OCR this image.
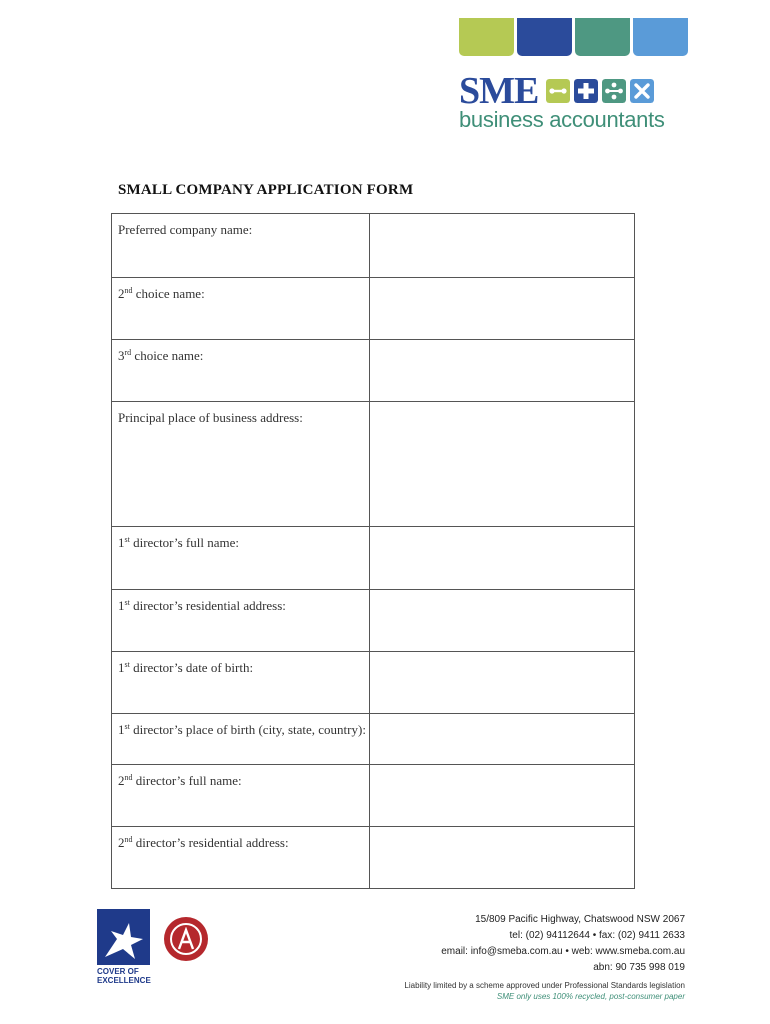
SME
business accountants
SMALL COMPANY APPLICATION FORM
Preferred company name:	
2nd choice name:	
3rd choice name:	
Principal place of business address:	
1st director’s full name:	
1st director’s residential address:	
1st director’s date of birth:	
1st director’s place of birth (city, state, country):	
2nd director’s full name:	
2nd director’s residential address:	
COVER OF
EXCELLENCE
15/809 Pacific Highway, Chatswood NSW 2067
tel: (02) 94112644 • fax: (02) 9411 2633
email: info@smeba.com.au • web: www.smeba.com.au
abn: 90 735 998 019
Liability limited by a scheme approved under Professional Standards legislation
SME only uses 100% recycled, post-consumer paper
